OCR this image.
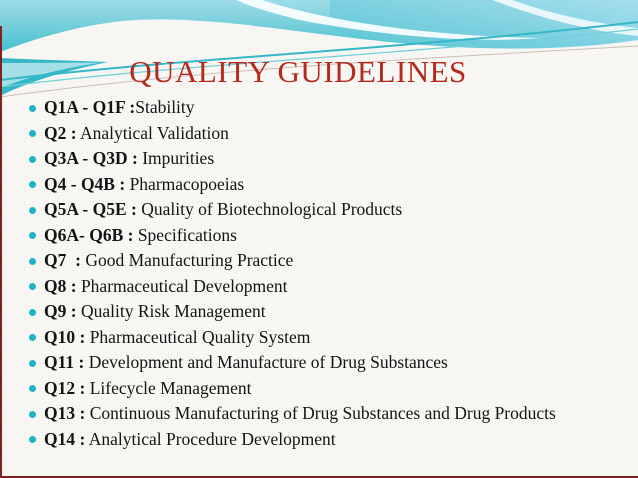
QUALITY GUIDELINES
Q1A - Q1F :Stability
Q2 : Analytical Validation
Q3A - Q3D : Impurities
Q4 - Q4B : Pharmacopoeias
Q5A - Q5E : Quality of Biotechnological Products
Q6A- Q6B : Specifications
Q7  : Good Manufacturing Practice
Q8 : Pharmaceutical Development
Q9 : Quality Risk Management
Q10 : Pharmaceutical Quality System
Q11 : Development and Manufacture of Drug Substances
Q12 : Lifecycle Management
Q13 : Continuous Manufacturing of Drug Substances and Drug Products
Q14 : Analytical Procedure Development
